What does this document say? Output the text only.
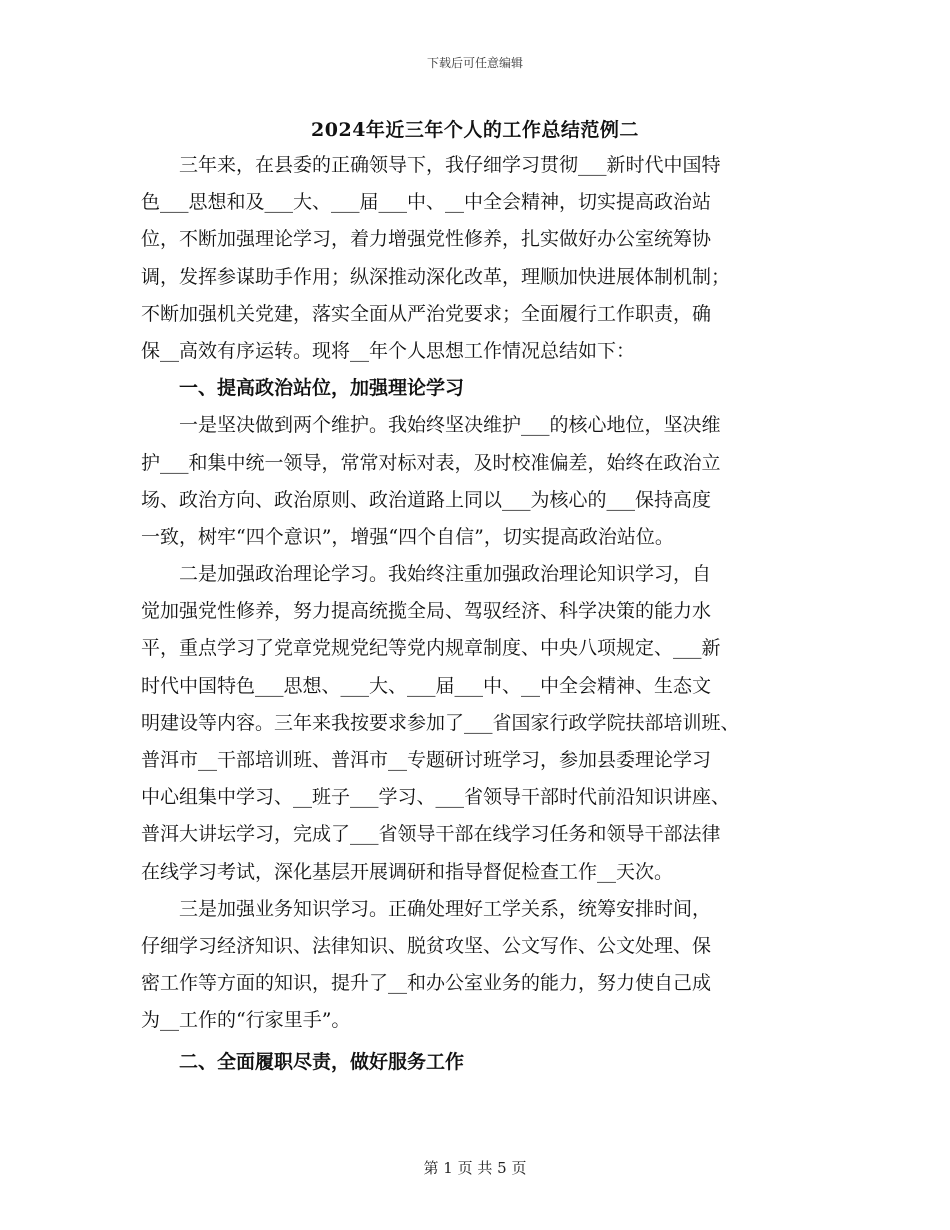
下载后可任意编辑
2024年近三年个人的工作总结范例二
　　三年来，在县委的正确领导下，我仔细学习贯彻___新时代中国特
色___思想和及___大、___届___中、__中全会精神，切实提高政治站
位，不断加强理论学习，着力增强党性修养，扎实做好办公室统筹协
调，发挥参谋助手作用；纵深推动深化改革，理顺加快进展体制机制；
不断加强机关党建，落实全面从严治党要求；全面履行工作职责，确
保__高效有序运转。现将__年个人思想工作情况总结如下：
　　一、提高政治站位，加强理论学习
　　一是坚决做到两个维护。我始终坚决维护___的核心地位，坚决维
护___和集中统一领导，常常对标对表，及时校准偏差，始终在政治立
场、政治方向、政治原则、政治道路上同以___为核心的___保持高度
一致，树牢“四个意识”，增强“四个自信”，切实提高政治站位。
　　二是加强政治理论学习。我始终注重加强政治理论知识学习，自
觉加强党性修养，努力提高统揽全局、驾驭经济、科学决策的能力水
平，重点学习了党章党规党纪等党内规章制度、中央八项规定、___新
时代中国特色___思想、___大、___届___中、__中全会精神、生态文
明建设等内容。三年来我按要求参加了___省国家行政学院扶部培训班、
普洱市__干部培训班、普洱市__专题研讨班学习，参加县委理论学习
中心组集中学习、__班子___学习、___省领导干部时代前沿知识讲座、
普洱大讲坛学习，完成了___省领导干部在线学习任务和领导干部法律
在线学习考试，深化基层开展调研和指导督促检查工作__天次。
　　三是加强业务知识学习。正确处理好工学关系，统筹安排时间，
仔细学习经济知识、法律知识、脱贫攻坚、公文写作、公文处理、保
密工作等方面的知识，提升了__和办公室业务的能力，努力使自己成
为__工作的“行家里手”。
　　二、全面履职尽责，做好服务工作
第 1 页 共 5 页
